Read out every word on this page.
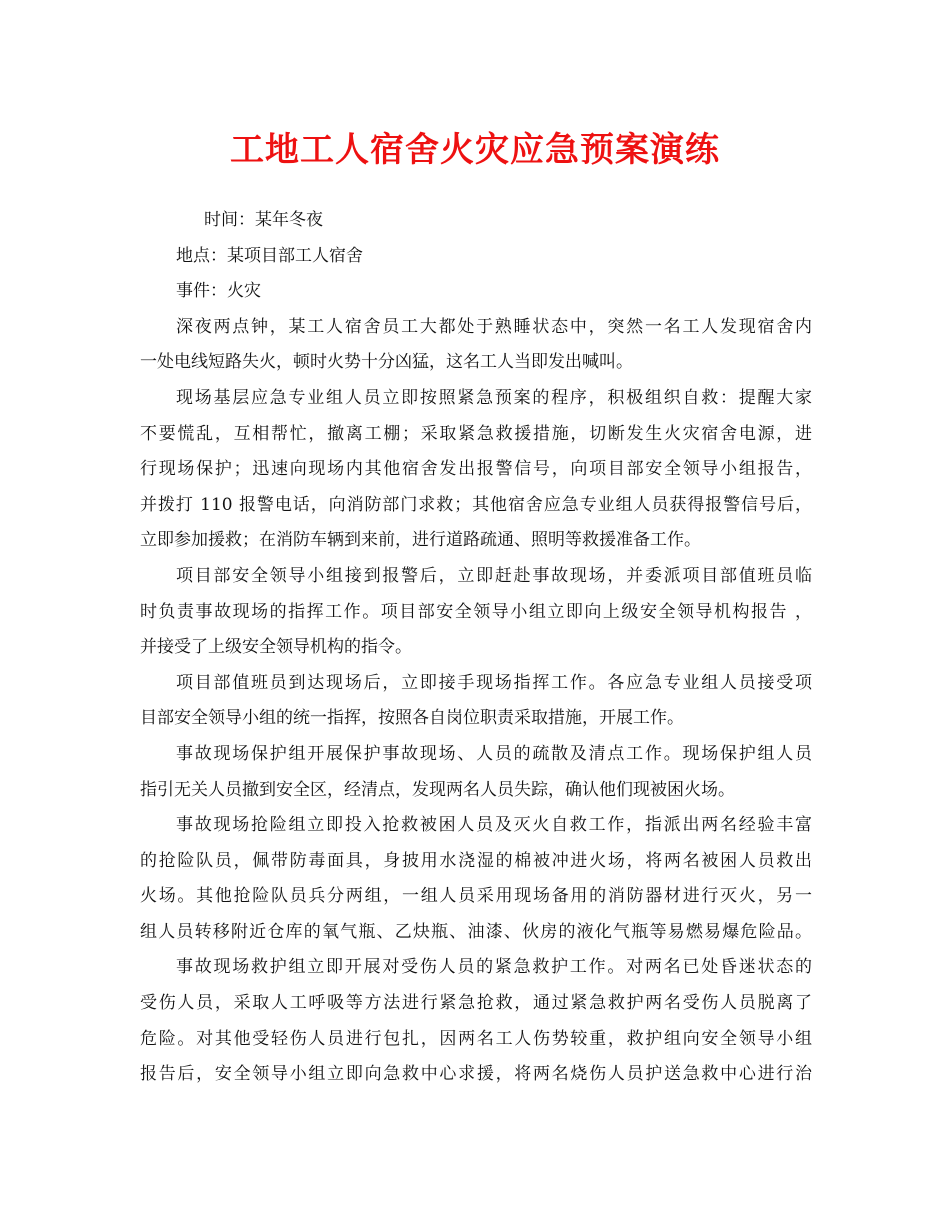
工地工人宿舍火灾应急预案演练
时间：某年冬夜
地点：某项目部工人宿舍
事件：火灾
深夜两点钟，某工人宿舍员工大都处于熟睡状态中，突然一名工人发现宿舍内
一处电线短路失火，顿时火势十分凶猛，这名工人当即发出喊叫。
现场基层应急专业组人员立即按照紧急预案的程序，积极组织自救：提醒大家
不要慌乱，互相帮忙，撤离工棚；采取紧急救援措施，切断发生火灾宿舍电源，进
行现场保护；迅速向现场内其他宿舍发出报警信号，向项目部安全领导小组报告，
并拨打 110 报警电话，向消防部门求救；其他宿舍应急专业组人员获得报警信号后，
立即参加援救；在消防车辆到来前，进行道路疏通、照明等救援准备工作。
项目部安全领导小组接到报警后，立即赶赴事故现场，并委派项目部值班员临
时负责事故现场的指挥工作。项目部安全领导小组立即向上级安全领导机构报告 ，
并接受了上级安全领导机构的指令。
项目部值班员到达现场后，立即接手现场指挥工作。各应急专业组人员接受项
目部安全领导小组的统一指挥，按照各自岗位职责采取措施，开展工作。
事故现场保护组开展保护事故现场、人员的疏散及清点工作。现场保护组人员
指引无关人员撤到安全区，经清点，发现两名人员失踪，确认他们现被困火场。
事故现场抢险组立即投入抢救被困人员及灭火自救工作，指派出两名经验丰富
的抢险队员，佩带防毒面具，身披用水浇湿的棉被冲进火场，将两名被困人员救出
火场。其他抢险队员兵分两组，一组人员采用现场备用的消防器材进行灭火，另一
组人员转移附近仓库的氧气瓶、乙炔瓶、油漆、伙房的液化气瓶等易燃易爆危险品。
事故现场救护组立即开展对受伤人员的紧急救护工作。对两名已处昏迷状态的
受伤人员，采取人工呼吸等方法进行紧急抢救，通过紧急救护两名受伤人员脱离了
危险。对其他受轻伤人员进行包扎，因两名工人伤势较重，救护组向安全领导小组
报告后，安全领导小组立即向急救中心求援，将两名烧伤人员护送急救中心进行治
